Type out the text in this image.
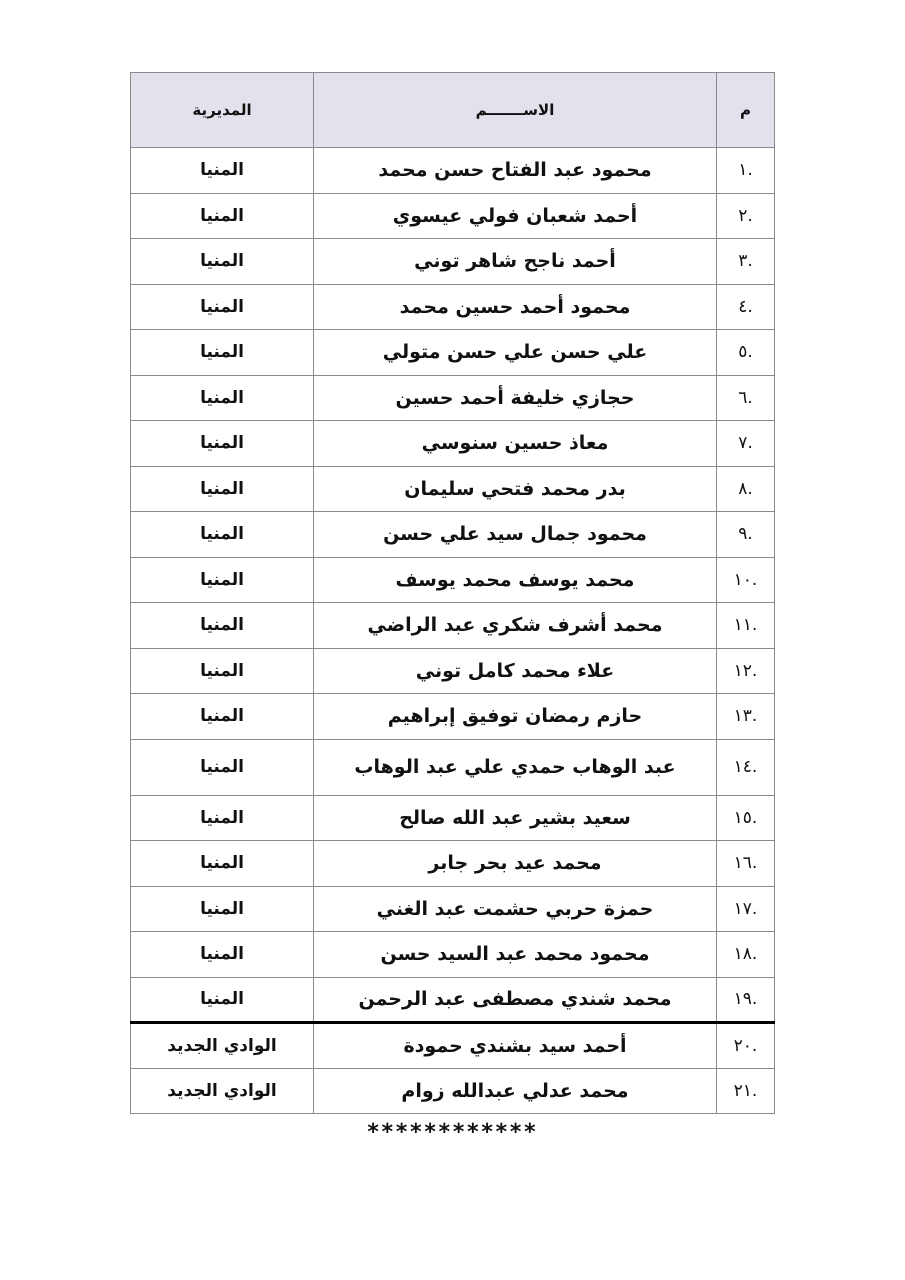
م	الاســـــــم	المديرية
.١	محمود عبد الفتاح حسن محمد	المنيا
.٢	أحمد شعبان فولي عيسوي	المنيا
.٣	أحمد ناجح شاهر توني	المنيا
.٤	محمود أحمد حسين محمد	المنيا
.٥	علي حسن علي حسن متولي	المنيا
.٦	حجازي خليفة أحمد حسين	المنيا
.٧	معاذ حسين سنوسي	المنيا
.٨	بدر محمد فتحي سليمان	المنيا
.٩	محمود جمال سيد علي حسن	المنيا
.١٠	محمد يوسف محمد يوسف	المنيا
.١١	محمد أشرف شكري عبد الراضي	المنيا
.١٢	علاء محمد كامل توني	المنيا
.١٣	حازم رمضان توفيق إبراهيم	المنيا
.١٤	عبد الوهاب حمدي علي عبد الوهاب	المنيا
.١٥	سعيد بشير عبد الله صالح	المنيا
.١٦	محمد عيد بحر جابر	المنيا
.١٧	حمزة حربي حشمت عبد الغني	المنيا
.١٨	محمود محمد عبد السيد حسن	المنيا
.١٩	محمد شندي مصطفى عبد الرحمن	المنيا
.٢٠	أحمد سيد بشندي حمودة	الوادي الجديد
.٢١	محمد عدلي عبدالله زوام	الوادي الجديد
************
